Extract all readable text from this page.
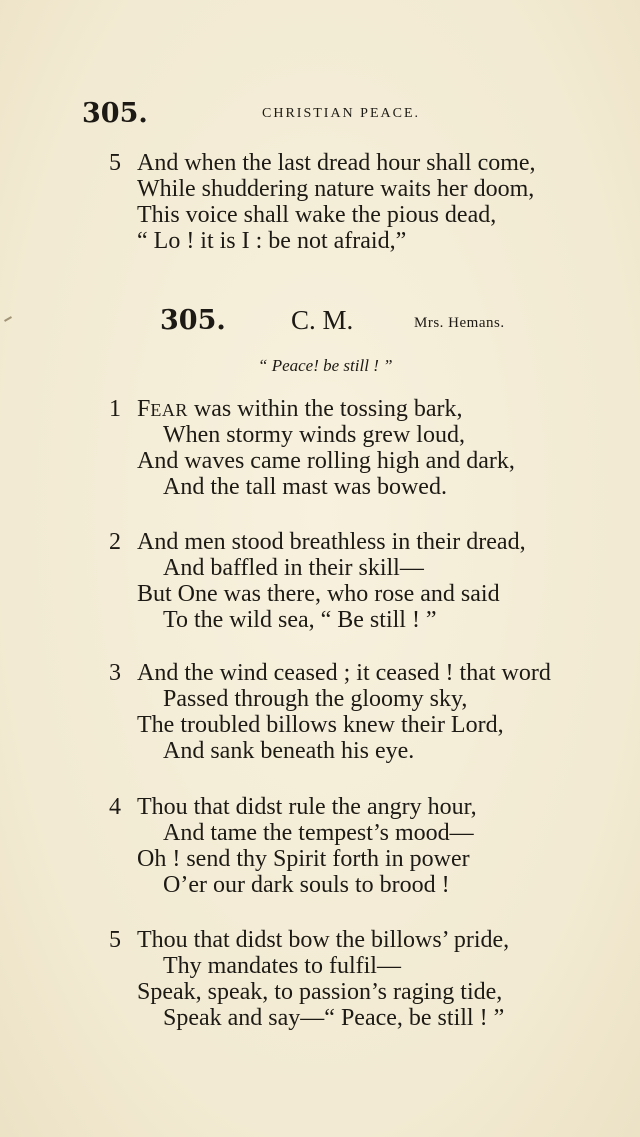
305.	CHRISTIAN PEACE.
5 And when the last dread hour shall come,
While shuddering nature waits her doom,
This voice shall wake the pious dead,
“ Lo ! it is I : be not afraid,”
305. C. M.	Mrs. Hemans.
“ Peace! be still ! ”
1 FEAR was within the tossing bark,
When stormy winds grew loud,
And waves came rolling high and dark,
And the tall mast was bowed.
2 And men stood breathless in their dread,
And baffled in their skill—
But One was there, who rose and said
To the wild sea, “ Be still ! ”
3 And the wind ceased ; it ceased ! that word
Passed through the gloomy sky,
The troubled billows knew their Lord,
And sank beneath his eye.
4 Thou that didst rule the angry hour,
And tame the tempest’s mood—
Oh ! send thy Spirit forth in power
O’er our dark souls to brood !
5 Thou that didst bow the billows’ pride,
Thy mandates to fulfil—
Speak, speak, to passion’s raging tide,
Speak and say—“ Peace, be still ! ”
